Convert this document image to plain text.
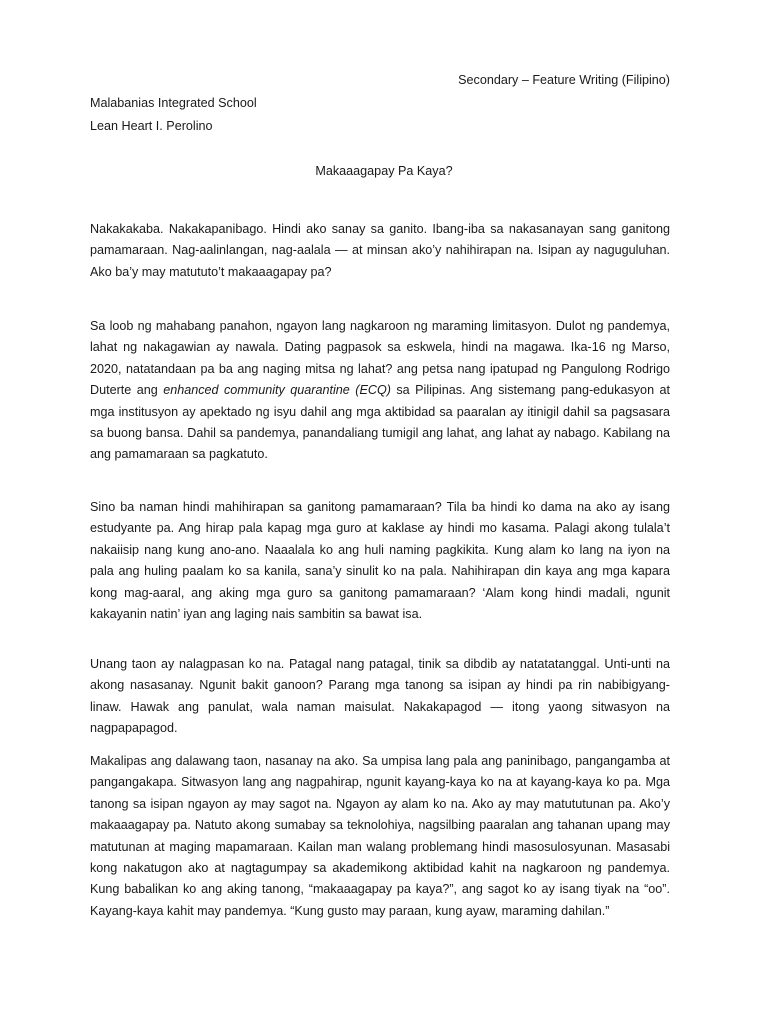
Secondary – Feature Writing (Filipino)
Malabanias Integrated School
Lean Heart I. Perolino
Makaaagapay Pa Kaya?

Nakakakaba. Nakakapanibago. Hindi ako sanay sa ganito. Ibang-iba sa nakasanayan sang ganitong pamamaraan. Nag-aalinlangan, nag-aalala — at minsan ako’y nahihirapan na. Isipan ay naguguluhan. Ako ba’y may matututo’t makaaagapay pa?

Sa loob ng mahabang panahon, ngayon lang nagkaroon ng maraming limitasyon. Dulot ng pandemya, lahat ng nakagawian ay nawala. Dating pagpasok sa eskwela, hindi na magawa. Ika-16 ng Marso, 2020, natatandaan pa ba ang naging mitsa ng lahat? ang petsa nang ipatupad ng Pangulong Rodrigo Duterte ang enhanced community quarantine (ECQ) sa Pilipinas. Ang sistemang pang-edukasyon at mga institusyon ay apektado ng isyu dahil ang mga aktibidad sa paaralan ay itinigil dahil sa pagsasara sa buong bansa. Dahil sa pandemya, panandaliang tumigil ang lahat, ang lahat ay nabago. Kabilang na ang pamamaraan sa pagkatuto.

Sino ba naman hindi mahihirapan sa ganitong pamamaraan? Tila ba hindi ko dama na ako ay isang estudyante pa. Ang hirap pala kapag mga guro at kaklase ay hindi mo kasama. Palagi akong tulala’t nakaiisip nang kung ano-ano. Naaalala ko ang huli naming pagkikita. Kung alam ko lang na iyon na pala ang huling paalam ko sa kanila, sana’y sinulit ko na pala. Nahihirapan din kaya ang mga kapara kong mag-aaral, ang aking mga guro sa ganitong pamamaraan? ‘Alam kong hindi madali, ngunit kakayanin natin’ iyan ang laging nais sambitin sa bawat isa.

Unang taon ay nalagpasan ko na. Patagal nang patagal, tinik sa dibdib ay natatatanggal. Unti-unti na akong nasasanay. Ngunit bakit ganoon? Parang mga tanong sa isipan ay hindi pa rin nabibigyang-linaw. Hawak ang panulat, wala naman maisulat. Nakakapagod — itong yaong sitwasyon na nagpapapagod.

Makalipas ang dalawang taon, nasanay na ako. Sa umpisa lang pala ang paninibago, pangangamba at pangangakapa. Sitwasyon lang ang nagpahirap, ngunit kayang-kaya ko na at kayang-kaya ko pa. Mga tanong sa isipan ngayon ay may sagot na. Ngayon ay alam ko na. Ako ay may matututunan pa. Ako’y makaaagapay pa. Natuto akong sumabay sa teknolohiya, nagsilbing paaralan ang tahanan upang may matutunan at maging mapamaraan. Kailan man walang problemang hindi masosulosyunan. Masasabi kong nakatugon ako at nagtagumpay sa akademikong aktibidad kahit na nagkaroon ng pandemya. Kung babalikan ko ang aking tanong, “makaaagapay pa kaya?”, ang sagot ko ay isang tiyak na “oo”. Kayang-kaya kahit may pandemya. “Kung gusto may paraan, kung ayaw, maraming dahilan.”
